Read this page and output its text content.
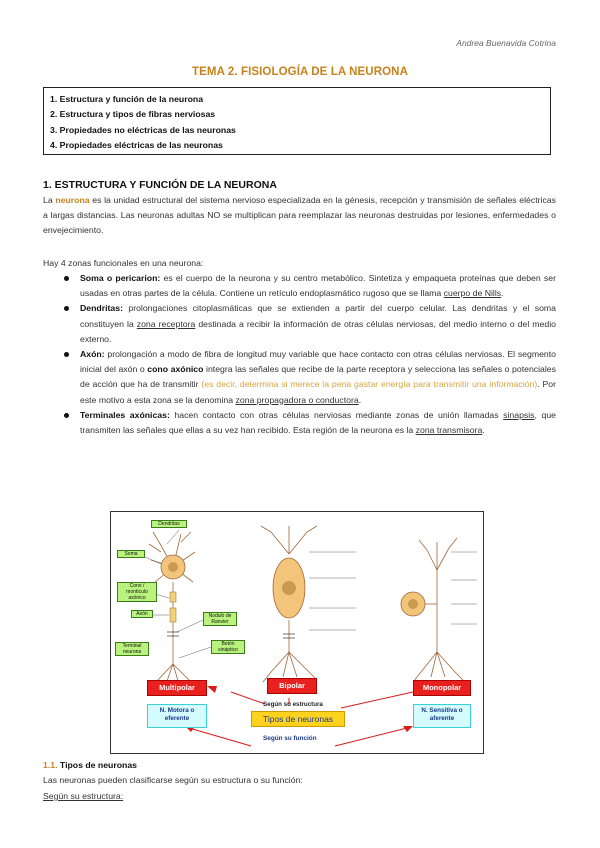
Andrea Buenavida Cotrina
TEMA 2. FISIOLOGÍA DE LA NEURONA
1. Estructura y función de la neurona
2. Estructura y tipos de fibras nerviosas
3. Propiedades no eléctricas de las neuronas
4. Propiedades eléctricas de las neuronas
1. ESTRUCTURA Y FUNCIÓN DE LA NEURONA
La neurona es la unidad estructural del sistema nervioso especializada en la génesis, recepción y transmisión de señales eléctricas a largas distancias. Las neuronas adultas NO se multiplican para reemplazar las neuronas destruidas por lesiones, enfermedades o envejecimiento.
Hay 4 zonas funcionales en una neurona:
Soma o pericarion: es el cuerpo de la neurona y su centro metabólico. Sintetiza y empaqueta proteínas que deben ser usadas en otras partes de la célula. Contiene un retículo endoplasmático rugoso que se llama cuerpo de Nills.
Dendritas: prolongaciones citoplasmáticas que se extienden a partir del cuerpo celular. Las dendritas y el soma constituyen la zona receptora destinada a recibir la información de otras células nerviosas, del medio interno o del medio externo.
Axón: prolongación a modo de fibra de longitud muy variable que hace contacto con otras células nerviosas. El segmento inicial del axón o cono axónico integra las señales que recibe de la parte receptora y selecciona las señales o potenciales de acción que ha de transmitir (es decir, determina si merece la pena gastar energía para transmitir una información). Por este motivo a esta zona se la denomina zona propagadora o conductora.
Terminales axónicas: hacen contacto con otras células nerviosas mediante zonas de unión llamadas sinapsis, que transmiten las señales que ellas a su vez han recibido. Esta región de la neurona es la zona transmisora.
Dendritas
Soma
Cono / montículo axónico
Axón	Nodulo de Ranvier
Botón sináptico
Terminal neurona
Multipolar	Bipolar	Monopolar
Según su estructura
Tipos de neuronas
Según su función
N. Motora o eferente
N. Sensitiva o aferente
1.1. Tipos de neuronas
Las neuronas pueden clasificarse según su estructura o su función:
Según su estructura:
